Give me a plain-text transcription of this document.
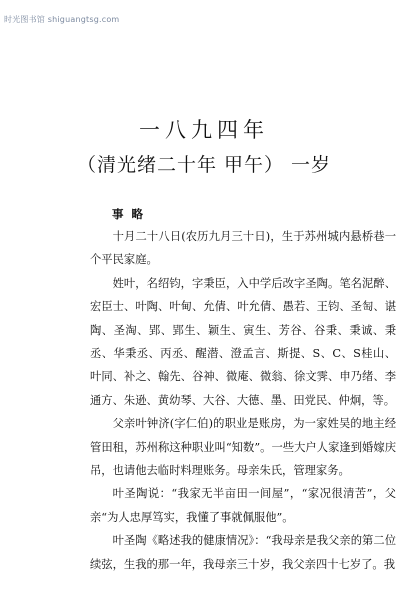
时光图书馆 shiguangtsg.com
一八九四年
（清光绪二十年 甲午） 一岁
事 略

十月二十八日(农历九月三十日)，生于苏州城内悬桥巷一个平民家庭。

姓叶，名绍钧，字秉臣，入中学后改字圣陶。笔名泥醉、宏臣士、叶陶、叶甸、允倩、叶允倩、愚若、王钧、圣匋、谌陶、圣淘、郢、郢生、颖生、寅生、芳谷、谷秉、秉诚、秉丞、华秉丞、丙丞、醒潜、澄孟言、斯提、S、C、S桂山、叶同、补之、翰先、谷神、微庵、微翁、徐文霁、申乃绪、李通方、朱逊、黄幼琴、大谷、大德、墨、田党民、仲炯，等。

父亲叶钟济(字仁伯)的职业是账房，为一家姓吴的地主经管田租，苏州称这种职业叫“知数”。一些大户人家逢到婚嫁庆吊，也请他去临时料理账务。母亲朱氏，管理家务。

叶圣陶说：“我家无半亩田一间屋”，“家况很清苦”，父亲“为人忠厚笃实，我懂了事就佩服他”。

叶圣陶《略述我的健康情况》：“我母亲是我父亲的第二位续弦，生我的那一年，我母亲三十岁，我父亲四十七岁了。我
